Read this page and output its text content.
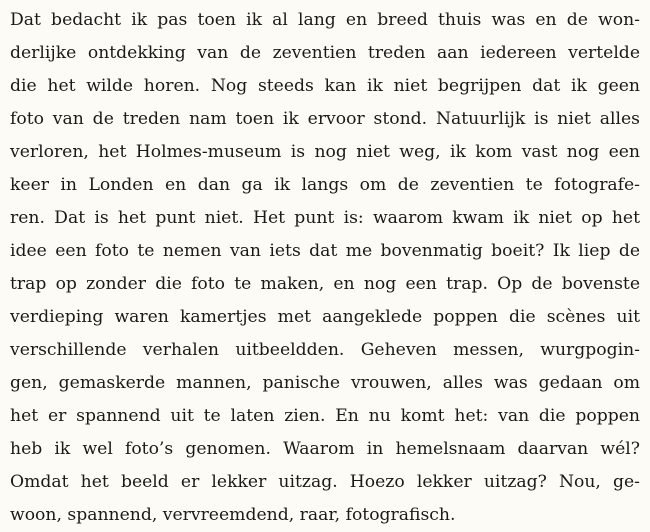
Dat bedacht ik pas toen ik al lang en breed thuis was en de won-
derlijke ontdekking van de zeventien treden aan iedereen vertelde
die het wilde horen. Nog steeds kan ik niet begrijpen dat ik geen
foto van de treden nam toen ik ervoor stond. Natuurlijk is niet alles
verloren, het Holmes-museum is nog niet weg, ik kom vast nog een
keer in Londen en dan ga ik langs om de zeventien te fotografe-
ren. Dat is het punt niet. Het punt is: waarom kwam ik niet op het
idee een foto te nemen van iets dat me bovenmatig boeit? Ik liep de
trap op zonder die foto te maken, en nog een trap. Op de bovenste
verdieping waren kamertjes met aangeklede poppen die scènes uit
verschillende verhalen uitbeeldden. Geheven messen, wurgpogin-
gen, gemaskerde mannen, panische vrouwen, alles was gedaan om
het er spannend uit te laten zien. En nu komt het: van die poppen
heb ik wel foto’s genomen. Waarom in hemelsnaam daarvan wél?
Omdat het beeld er lekker uitzag. Hoezo lekker uitzag? Nou, ge-
woon, spannend, vervreemdend, raar, fotografisch.
